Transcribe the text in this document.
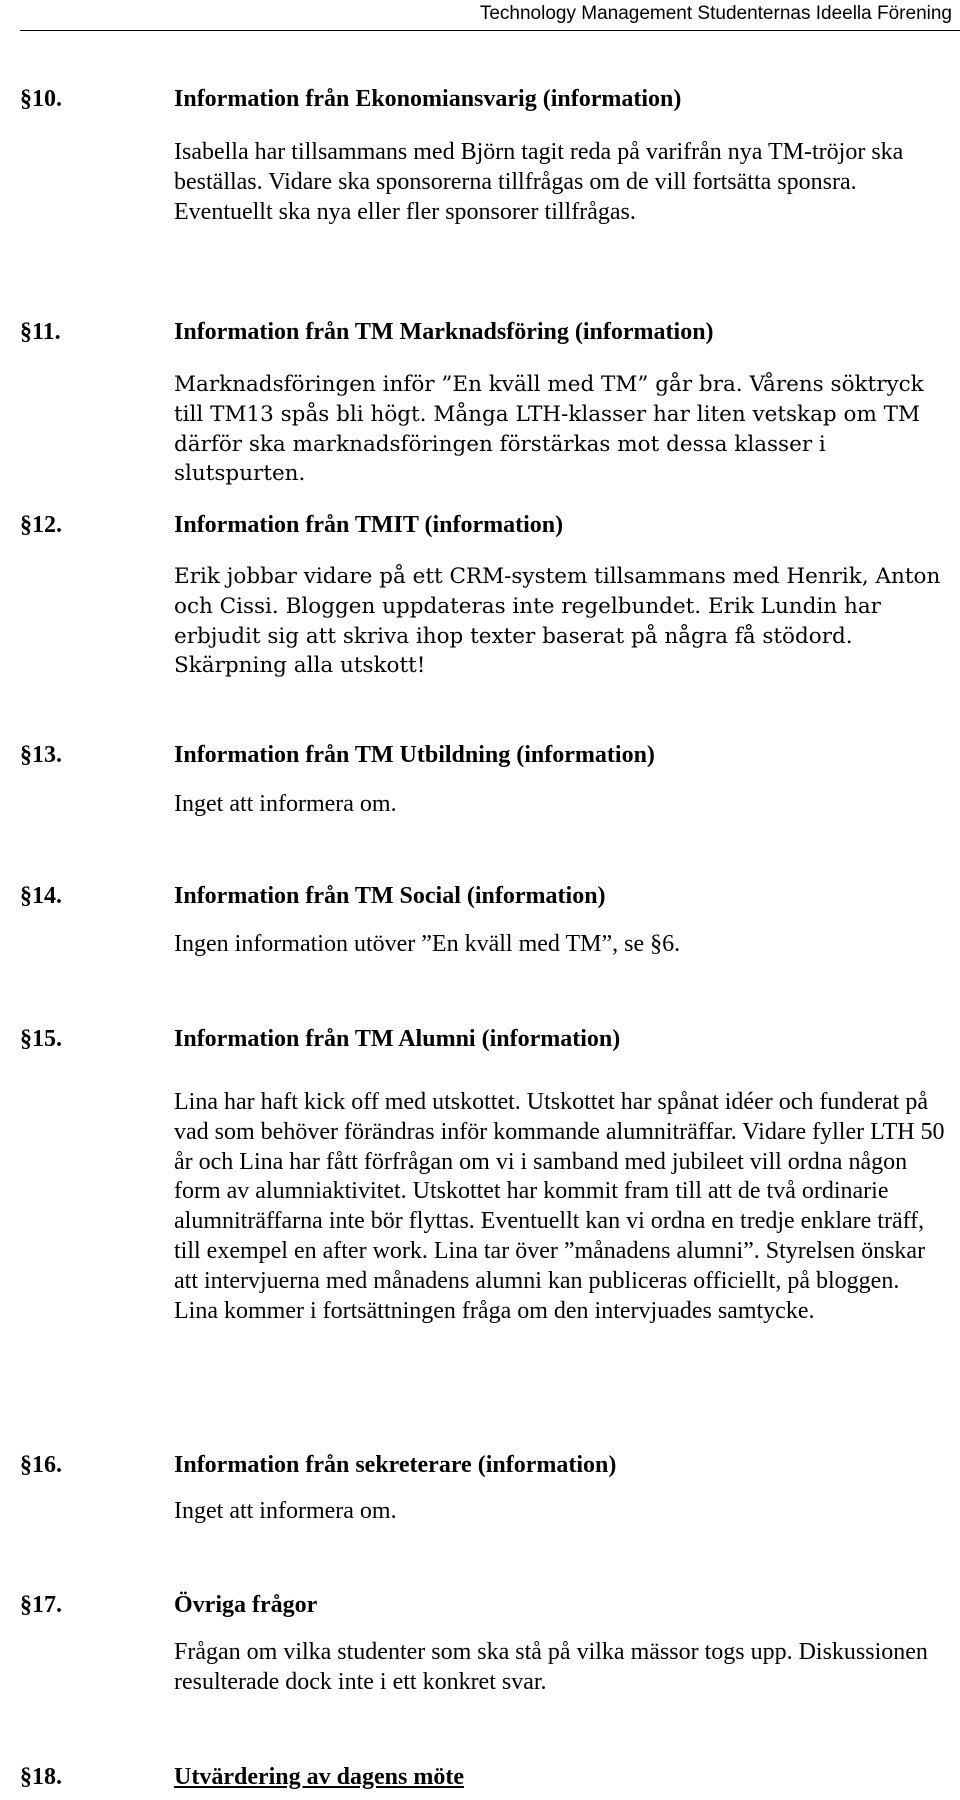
Technology Management Studenternas Ideella Förening
§10.	Information från Ekonomiansvarig (information)
Isabella har tillsammans med Björn tagit reda på varifrån nya TM-tröjor ska beställas. Vidare ska sponsorerna tillfrågas om de vill fortsätta sponsra. Eventuellt ska nya eller fler sponsorer tillfrågas.
§11.	Information från TM Marknadsföring (information)
Marknadsföringen inför ”En kväll med TM” går bra. Vårens söktryck till TM13 spås bli högt. Många LTH-klasser har liten vetskap om TM därför ska marknadsföringen förstärkas mot dessa klasser i slutspurten.
§12.	Information från TMIT (information)
Erik jobbar vidare på ett CRM-system tillsammans med Henrik, Anton och Cissi. Bloggen uppdateras inte regelbundet. Erik Lundin har erbjudit sig att skriva ihop texter baserat på några få stödord. Skärpning alla utskott!
§13.	Information från TM Utbildning (information)
Inget att informera om.
§14.	Information från TM Social (information)
Ingen information utöver ”En kväll med TM”, se §6.
§15.	Information från TM Alumni (information)
Lina har haft kick off med utskottet. Utskottet har spånat idéer och funderat på vad som behöver förändras inför kommande alumniträffar. Vidare fyller LTH 50 år och Lina har fått förfrågan om vi i samband med jubileet vill ordna någon form av alumniaktivitet. Utskottet har kommit fram till att de två ordinarie alumniträffarna inte bör flyttas. Eventuellt kan vi ordna en tredje enklare träff, till exempel en after work. Lina tar över ”månadens alumni”. Styrelsen önskar att intervjuerna med månadens alumni kan publiceras officiellt, på bloggen. Lina kommer i fortsättningen fråga om den intervjuades samtycke.
§16.	Information från sekreterare (information)
Inget att informera om.
§17.	Övriga frågor
Frågan om vilka studenter som ska stå på vilka mässor togs upp. Diskussionen resulterade dock inte i ett konkret svar.
§18.	Utvärdering av dagens möte
